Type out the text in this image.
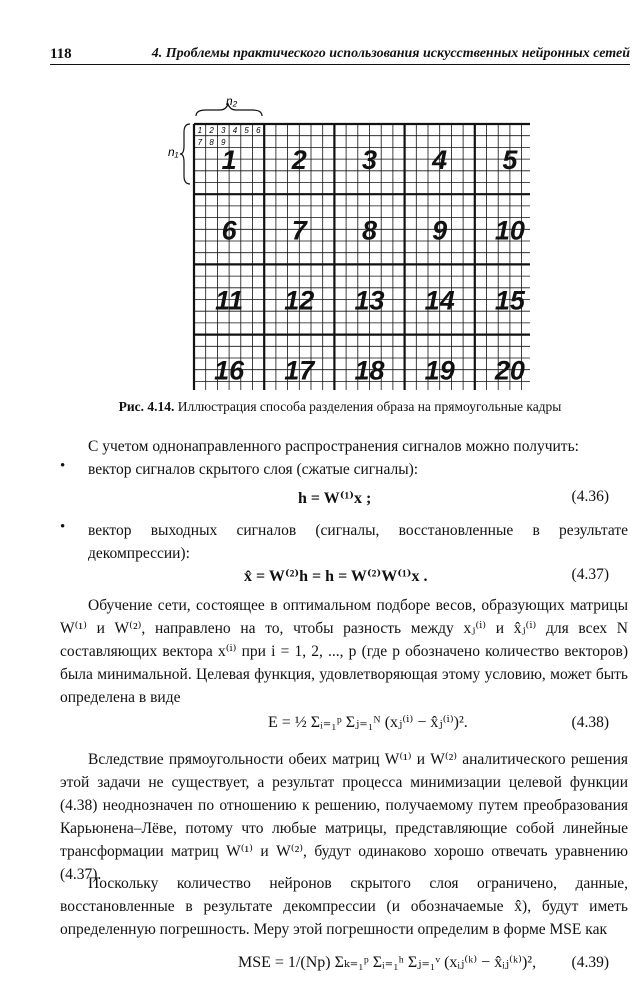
118	4. Проблемы практического использования искусственных нейронных сетей
n₂
n₁
1 2 3 4 5 6
7 8 9
1 2 3 4 5
6 7 8 9 10
11 12 13 14 15
16 17 18 19 20
Рис. 4.14. Иллюстрация способа разделения образа на прямоугольные кадры
С учетом однонаправленного распространения сигналов можно получить:
• вектор сигналов скрытого слоя (сжатые сигналы):
h = W⁽¹⁾x ;	(4.36)
• вектор выходных сигналов (сигналы, восстановленные в результате декомпрессии):
x̂ = W⁽²⁾h = h = W⁽²⁾W⁽¹⁾x .	(4.37)
Обучение сети, состоящее в оптимальном подборе весов, образующих матрицы W⁽¹⁾ и W⁽²⁾, направлено на то, чтобы разность между xⱼ⁽ⁱ⁾ и x̂ⱼ⁽ⁱ⁾ для всех N составляющих вектора x⁽ⁱ⁾ при i = 1, 2, ..., p (где p обозначено количество векторов) была минимальной. Целевая функция, удовлетворяющая этому условию, может быть определена в виде
E = ½ Σᵢ₌₁ᵖ Σⱼ₌₁ᴺ (xⱼ⁽ⁱ⁾ − x̂ⱼ⁽ⁱ⁾)².	(4.38)
Вследствие прямоугольности обеих матриц W⁽¹⁾ и W⁽²⁾ аналитического решения этой задачи не существует, а результат процесса минимизации целевой функции (4.38) неоднозначен по отношению к решению, получаемому путем преобразования Карьюнена–Лёве, потому что любые матрицы, представляющие собой линейные трансформации матриц W⁽¹⁾ и W⁽²⁾, будут одинаково хорошо отвечать уравнению (4.37).
Поскольку количество нейронов скрытого слоя ограничено, данные, восстановленные в результате декомпрессии (и обозначаемые x̂), будут иметь определенную погрешность. Меру этой погрешности определим в форме MSE как
MSE = 1/(Np) Σₖ₌₁ᵖ Σᵢ₌₁ʰ Σⱼ₌₁ᵛ (xᵢⱼ⁽ᵏ⁾ − x̂ᵢⱼ⁽ᵏ⁾)², (4.39)
